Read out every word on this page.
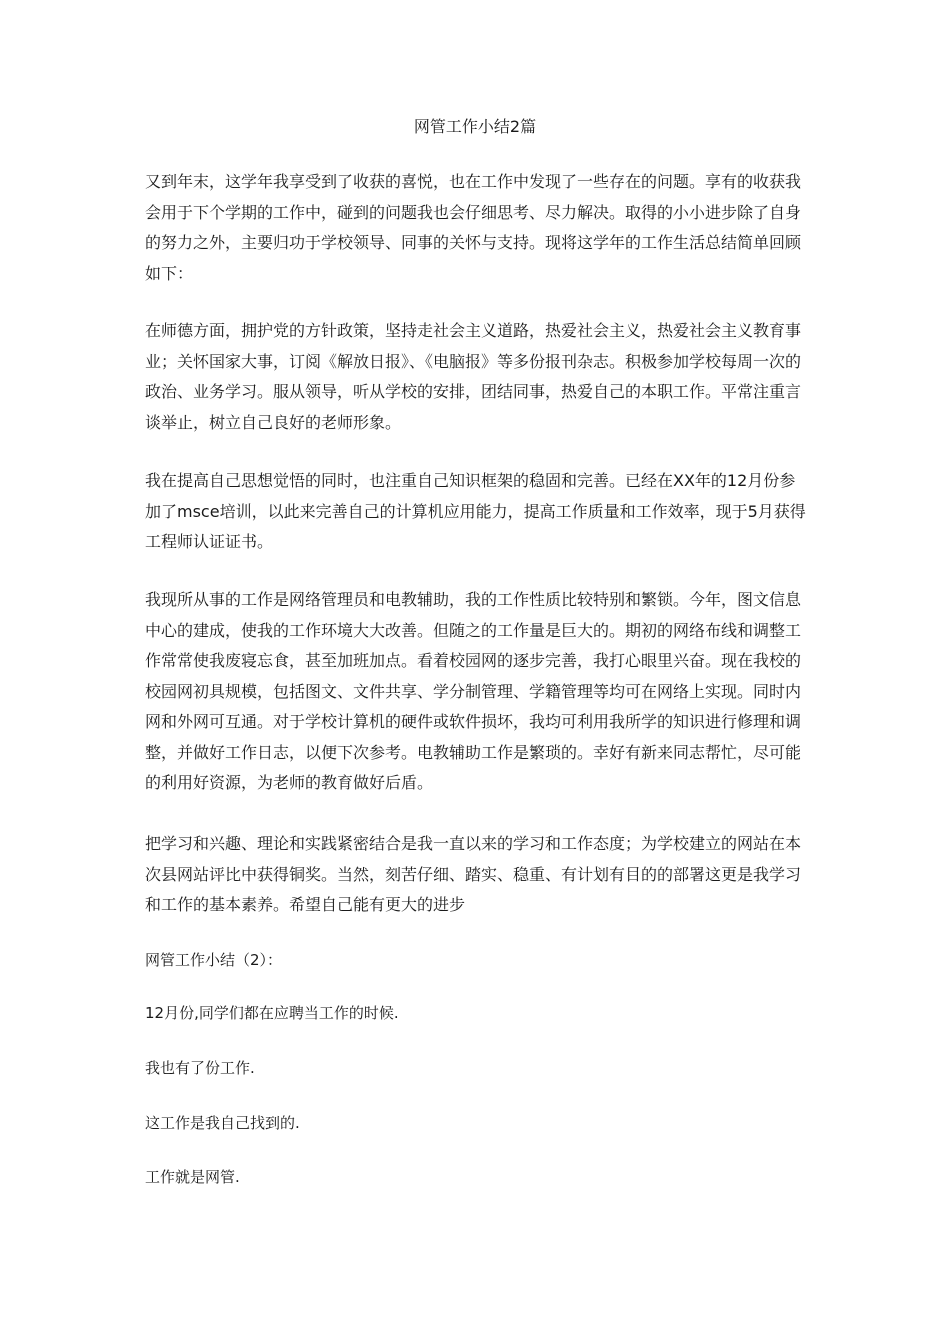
网管工作小结2篇

又到年末，这学年我享受到了收获的喜悦，也在工作中发现了一些存在的问题。享有的收获我会用于下个学期的工作中，碰到的问题我也会仔细思考、尽力解决。取得的小小进步除了自身的努力之外，主要归功于学校领导、同事的关怀与支持。现将这学年的工作生活总结简单回顾如下：

在师德方面，拥护党的方针政策，坚持走社会主义道路，热爱社会主义，热爱社会主义教育事业；关怀国家大事，订阅《解放日报》、《电脑报》等多份报刊杂志。积极参加学校每周一次的政治、业务学习。服从领导，听从学校的安排，团结同事，热爱自己的本职工作。平常注重言谈举止，树立自己良好的老师形象。

我在提高自己思想觉悟的同时，也注重自己知识框架的稳固和完善。已经在XX年的12月份参加了msce培训，以此来完善自己的计算机应用能力，提高工作质量和工作效率，现于5月获得工程师认证证书。

我现所从事的工作是网络管理员和电教辅助，我的工作性质比较特别和繁锁。今年，图文信息中心的建成，使我的工作环境大大改善。但随之的工作量是巨大的。期初的网络布线和调整工作常常使我废寝忘食，甚至加班加点。看着校园网的逐步完善，我打心眼里兴奋。现在我校的校园网初具规模，包括图文、文件共享、学分制管理、学籍管理等均可在网络上实现。同时内网和外网可互通。对于学校计算机的硬件或软件损坏，我均可利用我所学的知识进行修理和调整，并做好工作日志，以便下次参考。电教辅助工作是繁琐的。幸好有新来同志帮忙，尽可能的利用好资源，为老师的教育做好后盾。

把学习和兴趣、理论和实践紧密结合是我一直以来的学习和工作态度；为学校建立的网站在本次县网站评比中获得铜奖。当然，刻苦仔细、踏实、稳重、有计划有目的的部署这更是我学习和工作的基本素养。希望自己能有更大的进步

网管工作小结（2）：

12月份,同学们都在应聘当工作的时候.

我也有了份工作.

这工作是我自己找到的.

工作就是网管.
